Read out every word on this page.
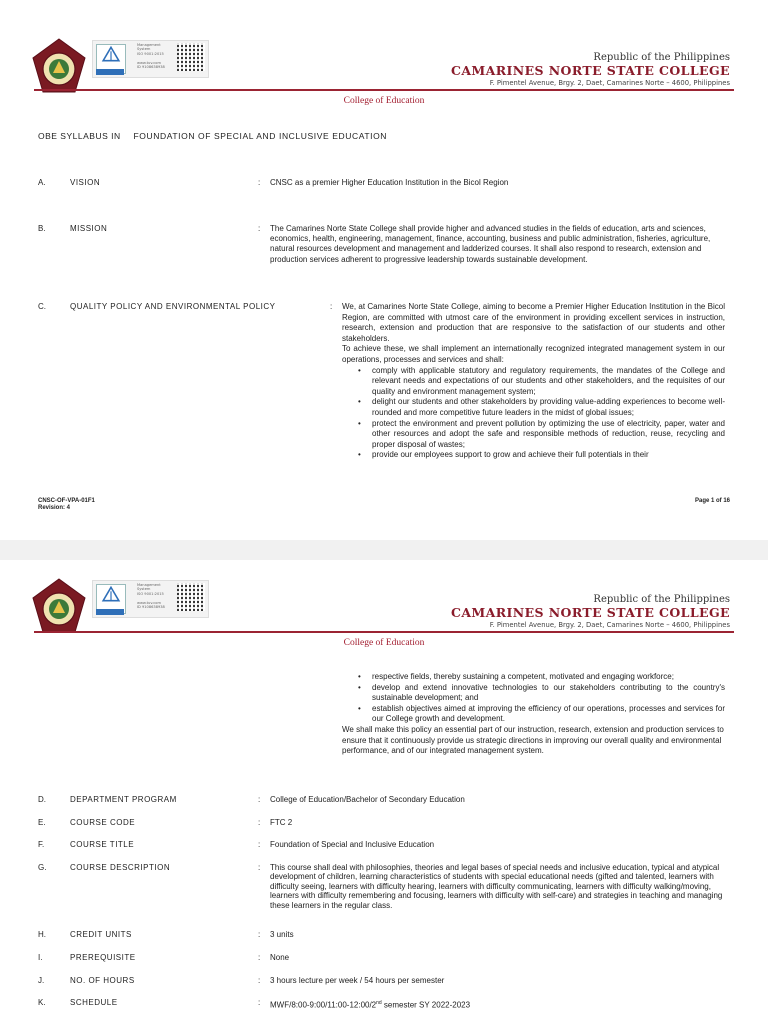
Management
System
ISO 9001:2015

www.tuv.com
ID 9108638938
Republic of the Philippines
CAMARINES NORTE STATE COLLEGE
F. Pimentel Avenue, Brgy. 2, Daet, Camarines Norte – 4600, Philippines
College of Education
OBE SYLLABUS IN FOUNDATION OF SPECIAL AND INCLUSIVE EDUCATION
A.	VISION	: CNSC as a premier Higher Education Institution in the Bicol Region
B.	MISSION	: The Camarines Norte State College shall provide higher and advanced studies in the fields of education, arts and sciences, economics, health, engineering, management, finance, accounting, business and public administration, fisheries, agriculture, natural resources development and management and ladderized courses. It shall also respond to research, extension and production services adherent to progressive leadership towards sustainable development.
C.	QUALITY POLICY AND ENVIRONMENTAL POLICY	: We, at Camarines Norte State College, aiming to become a Premier Higher Education Institution in the Bicol Region, are committed with utmost care of the environment in providing excellent services in instruction, research, extension and production that are responsive to the satisfaction of our students and other stakeholders.
To achieve these, we shall implement an internationally recognized integrated management system in our operations, processes and services and shall:
• comply with applicable statutory and regulatory requirements, the mandates of the College and relevant needs and expectations of our students and other stakeholders, and the requisites of our quality and environment management system;
• delight our students and other stakeholders by providing value-adding experiences to become well-rounded and more competitive future leaders in the midst of global issues;
• protect the environment and prevent pollution by optimizing the use of electricity, paper, water and other resources and adopt the safe and responsible methods of reduction, reuse, recycling and proper disposal of wastes;
• provide our employees support to grow and achieve their full potentials in their
CNSC-OF-VPA-01F1
Revision: 4
Page 1 of 16
Management
System
ISO 9001:2015

www.tuv.com
ID 9108638938
Republic of the Philippines
CAMARINES NORTE STATE COLLEGE
F. Pimentel Avenue, Brgy. 2, Daet, Camarines Norte – 4600, Philippines
College of Education
• respective fields, thereby sustaining a competent, motivated and engaging workforce;
• develop and extend innovative technologies to our stakeholders contributing to the country's sustainable development; and
• establish objectives aimed at improving the efficiency of our operations, processes and services for our College growth and development.
We shall make this policy an essential part of our instruction, research, extension and production services to ensure that it continuously provide us strategic directions in improving our overall quality and environmental performance, and of our integrated management system.
D.	DEPARTMENT PROGRAM	: College of Education/Bachelor of Secondary Education
E.	COURSE CODE	: FTC 2
F.	COURSE TITLE	: Foundation of Special and Inclusive Education
G.	COURSE DESCRIPTION	: This course shall deal with philosophies, theories and legal bases of special needs and inclusive education, typical and atypical development of children, learning characteristics of students with special educational needs (gifted and talented, learners with difficulty seeing, learners with difficulty hearing, learners with difficulty communicating, learners with difficulty walking/moving, learners with difficulty remembering and focusing, learners with difficulty with self-care) and strategies in teaching and managing these learners in the regular class.
H.	CREDIT UNITS	: 3 units
I.	PREREQUISITE	: None
J.	NO. OF HOURS	: 3 hours lecture per week / 54 hours per semester
K.	SCHEDULE	: MWF/8:00-9:00/11:00-12:00/2nd semester SY 2022-2023
